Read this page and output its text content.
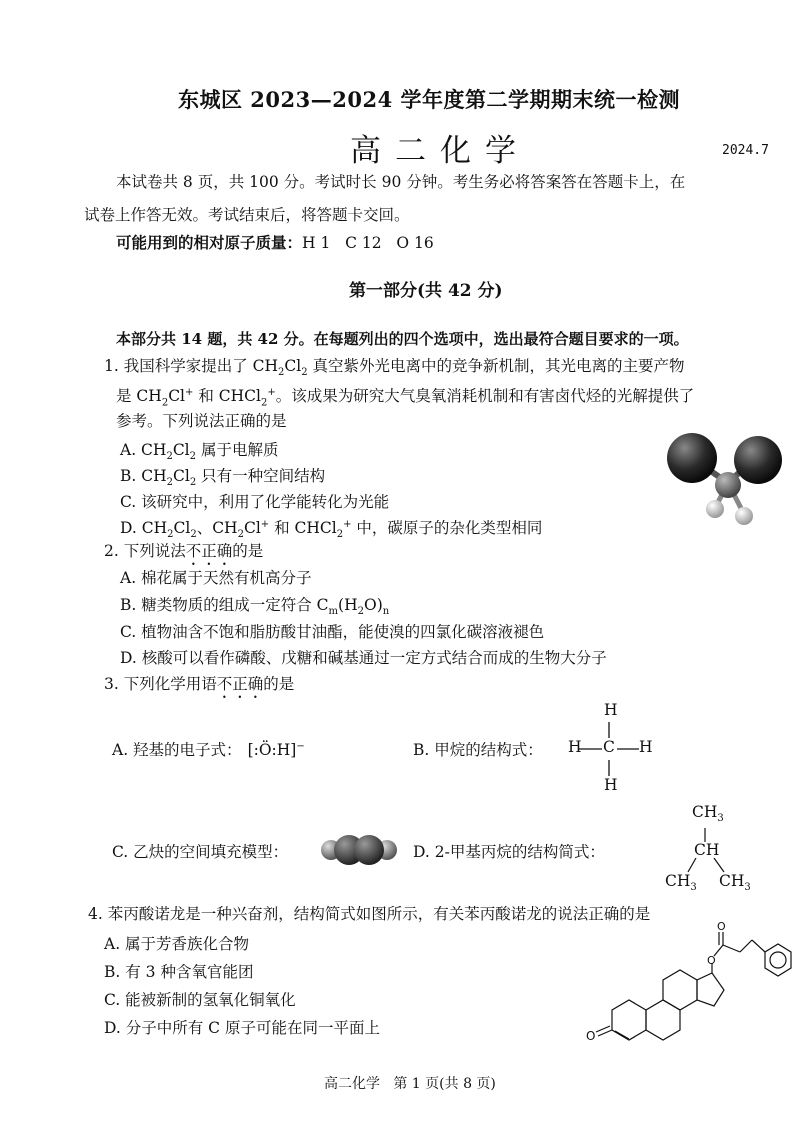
东城区 2023—2024 学年度第二学期期末统一检测
高二化学	2024.7
本试卷共 8 页，共 100 分。考试时长 90 分钟。考生务必将答案答在答题卡上，在
试卷上作答无效。考试结束后，将答题卡交回。
可能用到的相对原子质量：H 1   C 12   O 16
第一部分(共 42 分)
本部分共 14 题，共 42 分。在每题列出的四个选项中，选出最符合题目要求的一项。
1. 我国科学家提出了 $CH_2Cl_2$ 真空紫外光电离中的竞争新机制，其光电离的主要产物
是 $CH_2Cl^+$ 和 CHCl$_2$+。该成果为研究大气臭氧消耗机制和有害卤代烃的光解提供了
参考。下列说法正确的是
A. $CH_2Cl_2$ 属于电解质
B. $CH_2Cl_2$ 只有一种空间结构
C. 该研究中，利用了化学能转化为光能
D. $CH_2Cl_2$、$CH_2Cl^+$ 和 CHCl$_2$+ 中，碳原子的杂化类型相同
2. 下列说法不正确的是
A. 棉花属于天然有机高分子
B. 糖类物质的组成一定符合 $C_m(H_2O)_n$
C. 植物油含不饱和脂肪酸甘油酯，能使溴的四氯化碳溶液褪色
D. 核酸可以看作磷酸、戊糖和碱基通过一定方式结合而成的生物大分子
3. 下列化学用语不正确的是
A. 羟基的电子式： [:Ö:H]−	B. 甲烷的结构式：
H
H C H
H
C. 乙炔的空间填充模型：	D. 2-甲基丙烷的结构简式：
$CH_3$
CH
$CH_3$ $CH_3$
4. 苯丙酸诺龙是一种兴奋剂，结构简式如图所示，有关苯丙酸诺龙的说法正确的是
A. 属于芳香族化合物
B. 有 3 种含氧官能团
C. 能被新制的氢氧化铜氧化
D. 分子中所有 C 原子可能在同一平面上	O
O
O
高二化学   第 1 页(共 8 页)
